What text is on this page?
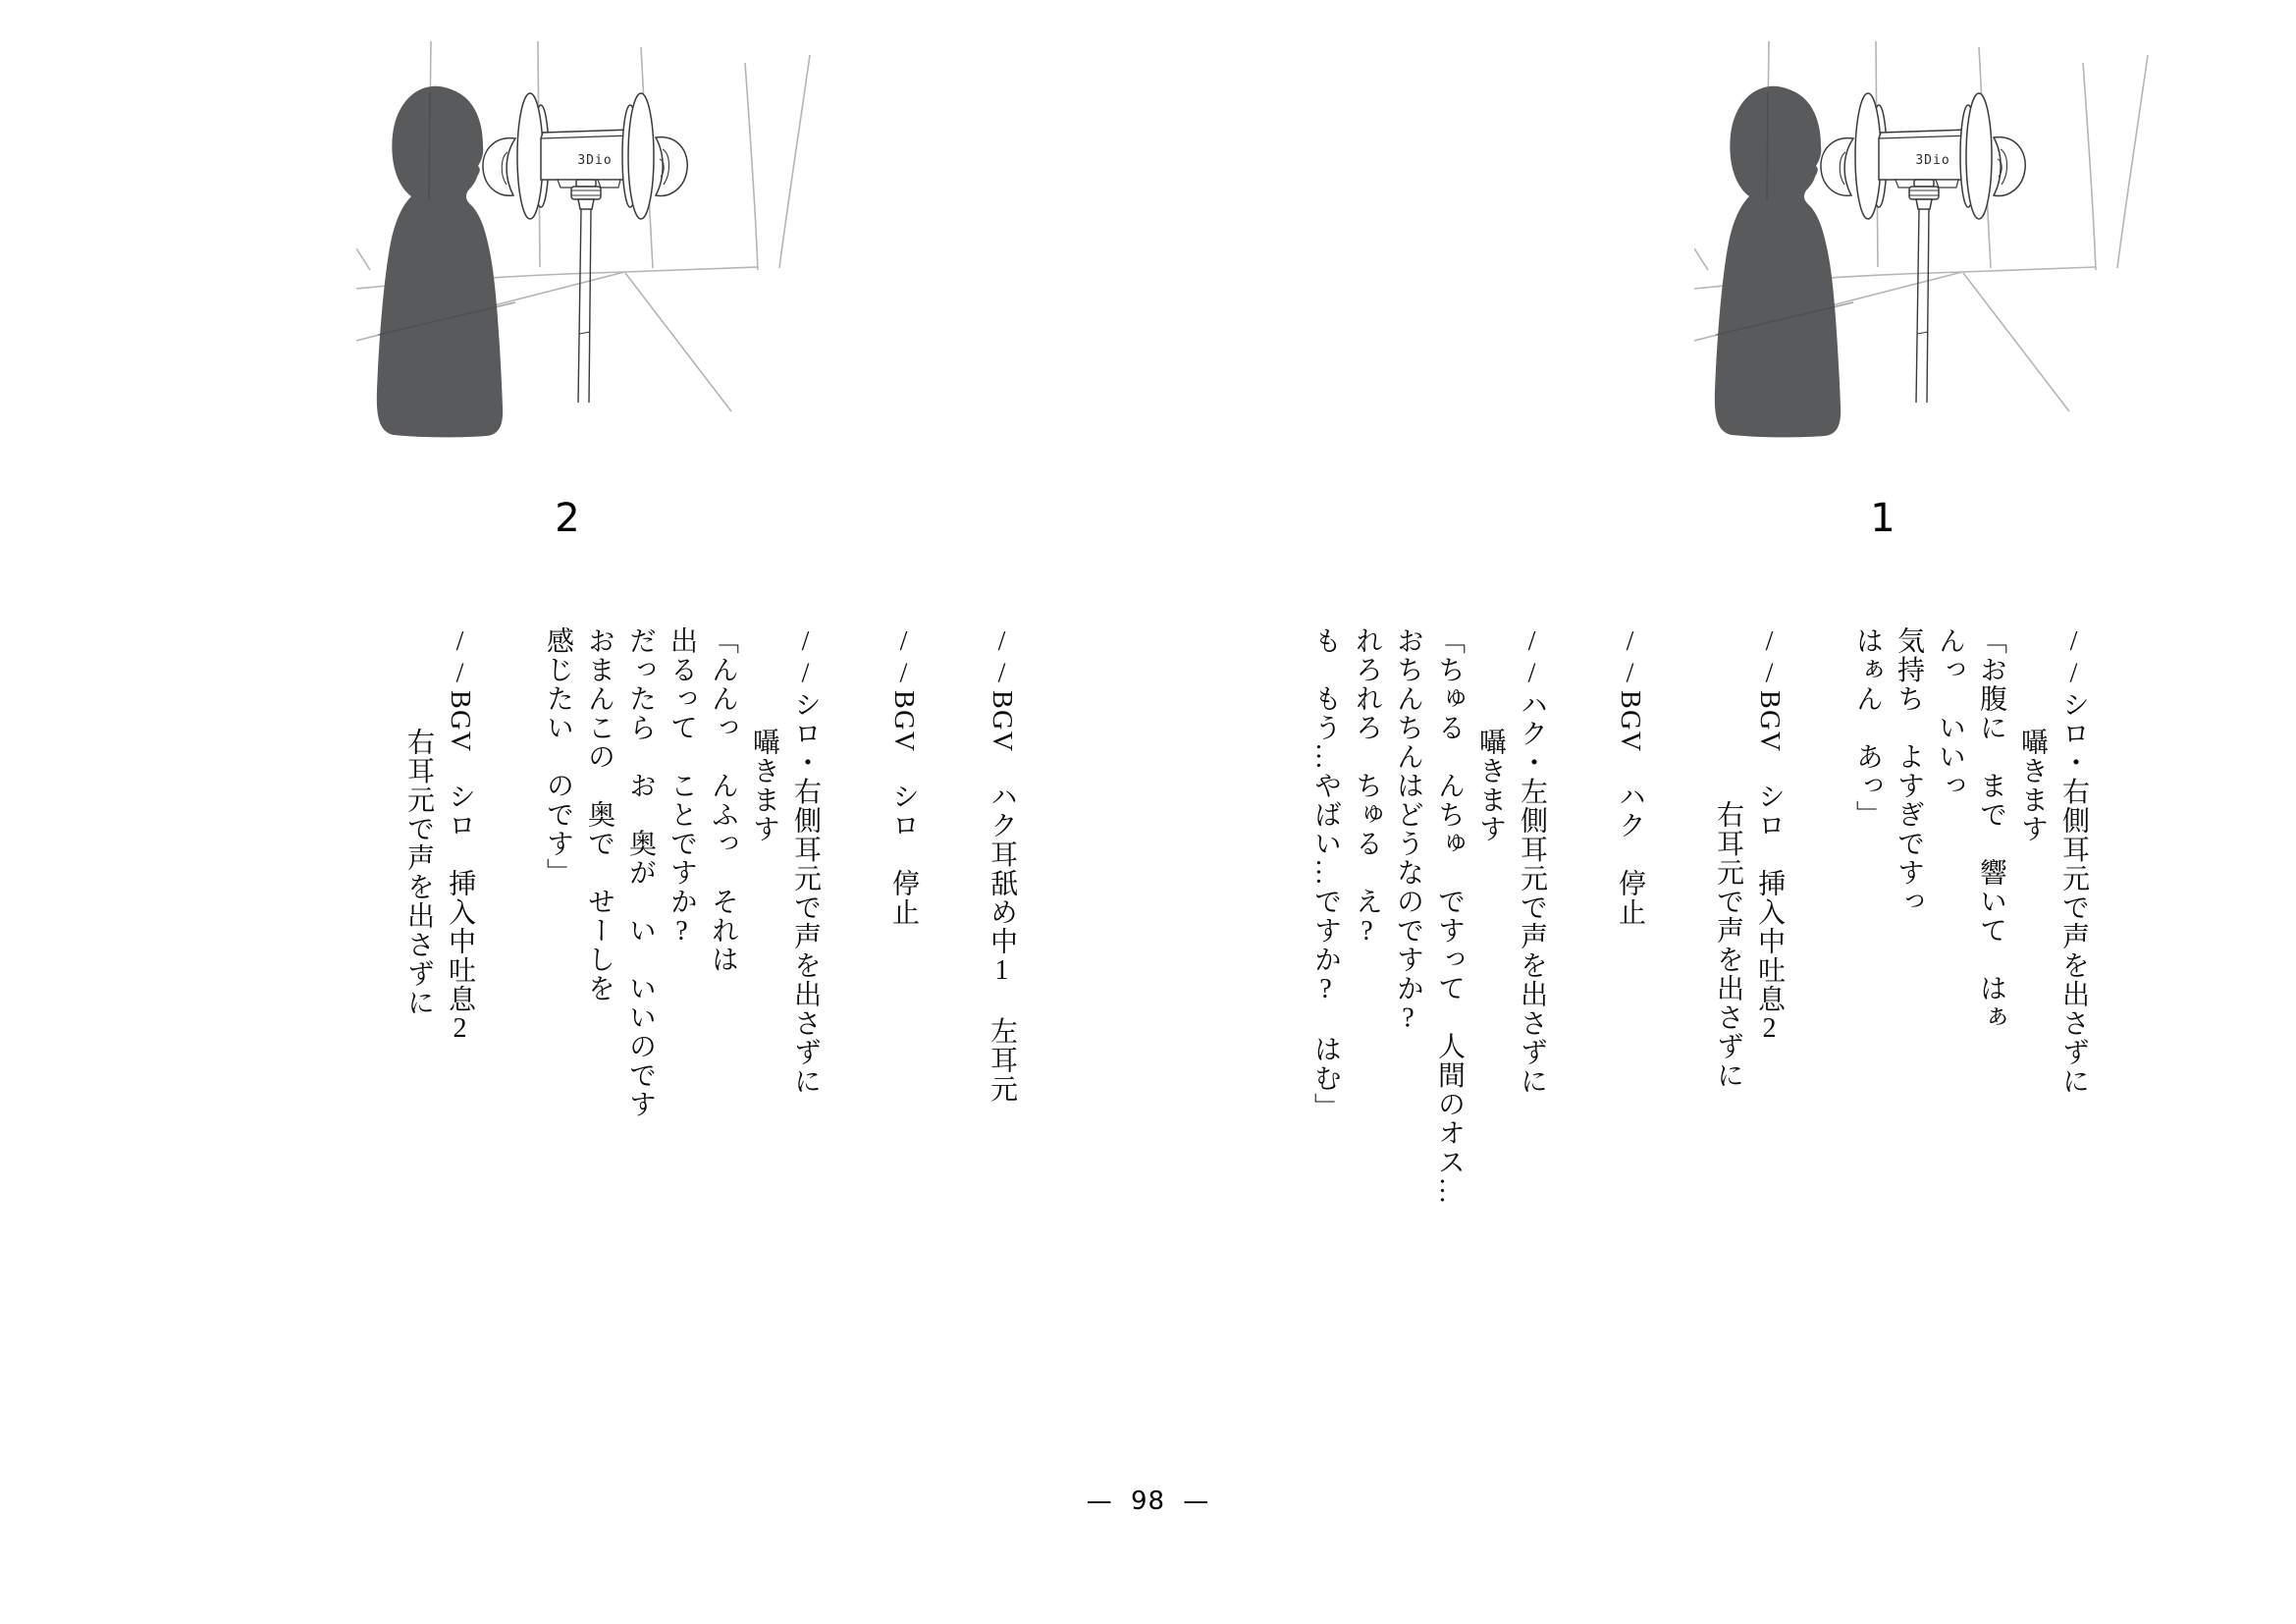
1
//シロ・右側耳元で声を出さずに
囁きます
「お腹に　まで　響いて　はぁ
んっ　いいっ
気持ち　よすぎですっ
はぁん　あっ」
//BGV　シロ　挿入中吐息2
右耳元で声を出さずに
//BGV　ハク　停止
//ハク・左側耳元で声を出さずに
囁きます
「ちゅる　んちゅ　ですって　人間のオス…
おちんちんはどうなのですか?
れろれろ　ちゅる　え?
も　もう…やばい…ですか?　はむ」
2
//BGV　ハク耳舐め中1　左耳元
//BGV　シロ　停止
//シロ・右側耳元で声を出さずに
囁きます
「んんっ　んふっ　それは
出るって　ことですか?
だったら　お　奥が　い　いいのです
おまんこの　奥で　せーしを
感じたい　のです」
//BGV　シロ　挿入中吐息2
右耳元で声を出さずに
— 98 —
